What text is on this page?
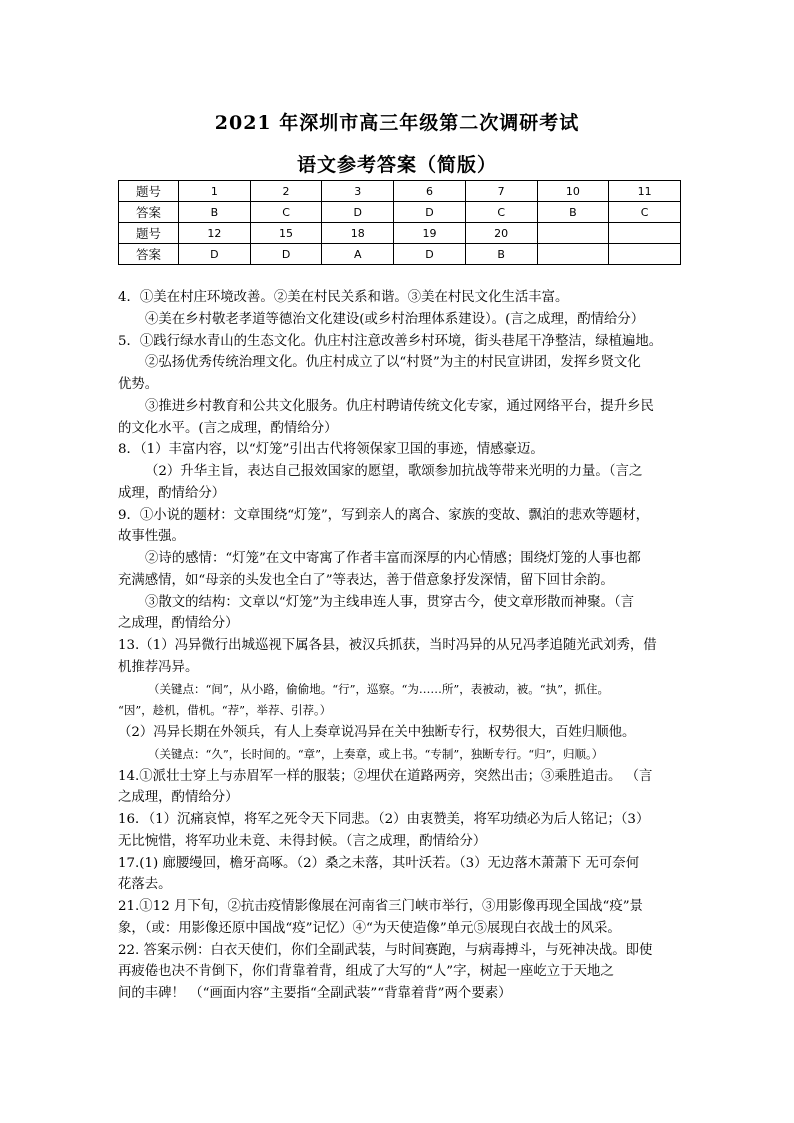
2021 年深圳市高三年级第二次调研考试
语文参考答案（简版）
题号	1	2	3	6	7	10	11
答案	B	C	D	D	C	B	C
题号	12	15	18	19	20		
答案	D	D	A	D	B		
4．①美在村庄环境改善。②美在村民关系和谐。③美在村民文化生活丰富。
④美在乡村敬老孝道等德治文化建设(或乡村治理体系建设）。(言之成理，酌情给分）
5．①践行绿水青山的生态文化。仇庄村注意改善乡村环境，街头巷尾干净整洁，绿植遍地。
②弘扬优秀传统治理文化。仇庄村成立了以“村贤”为主的村民宣讲团，发挥乡贤文化
优势。
③推进乡村教育和公共文化服务。仇庄村聘请传统文化专家，通过网络平台，提升乡民
的文化水平。(言之成理，酌情给分）
8．（1）丰富内容，以“灯笼”引出古代将领保家卫国的事迹，情感豪迈。
（2）升华主旨，表达自己报效国家的愿望，歌颂参加抗战等带来光明的力量。（言之
成理，酌情给分）
9．①小说的题材：文章围绕“灯笼”，写到亲人的离合、家族的变故、飘泊的悲欢等题材，
故事性强。
②诗的感情：“灯笼”在文中寄寓了作者丰富而深厚的内心情感；围绕灯笼的人事也都
充满感情，如“母亲的头发也全白了”等表达，善于借意象抒发深情，留下回甘余韵。
③散文的结构：文章以“灯笼”为主线串连人事，贯穿古今，使文章形散而神聚。（言
之成理，酌情给分）
13.（1）冯异微行出城巡视下属各县，被汉兵抓获，当时冯异的从兄冯孝追随光武刘秀，借
机推荐冯异。
（关键点：“间”，从小路，偷偷地。“行”，巡察。“为……所”，表被动，被。“执”，抓住。
“因”，趁机，借机。“荐”，举荐、引荐。）
（2）冯异长期在外领兵，有人上奏章说冯异在关中独断专行，权势很大，百姓归顺他。
（关键点：“久”，长时间的。“章”，上奏章，或上书。“专制”，独断专行。“归”，归顺。）
14.①派壮士穿上与赤眉军一样的服装；②埋伏在道路两旁，突然出击；③乘胜追击。 （言
之成理，酌情给分）
16．（1）沉痛哀悼，将军之死令天下同悲。（2）由衷赞美，将军功绩必为后人铭记；（3）
无比惋惜，将军功业未竟、未得封候。（言之成理，酌情给分）
17.(1) 廊腰缦回，檐牙高啄。（2）桑之未落，其叶沃若。（3）无边落木萧萧下 无可奈何
花落去。
21.①12 月下旬，②抗击疫情影像展在河南省三门峡市举行，③用影像再现全国战“疫”景
象，（或：用影像还原中国战“疫”记忆）④“为天使造像”单元⑤展现白衣战士的风采。
22. 答案示例：白衣天使们，你们全副武装，与时间赛跑，与病毒搏斗，与死神决战。即使
再疲倦也决不肯倒下，你们背靠着背，组成了大写的“人”字，树起一座屹立于天地之
间的丰碑！ （“画面内容”主要指“全副武装”“背靠着背”两个要素）
